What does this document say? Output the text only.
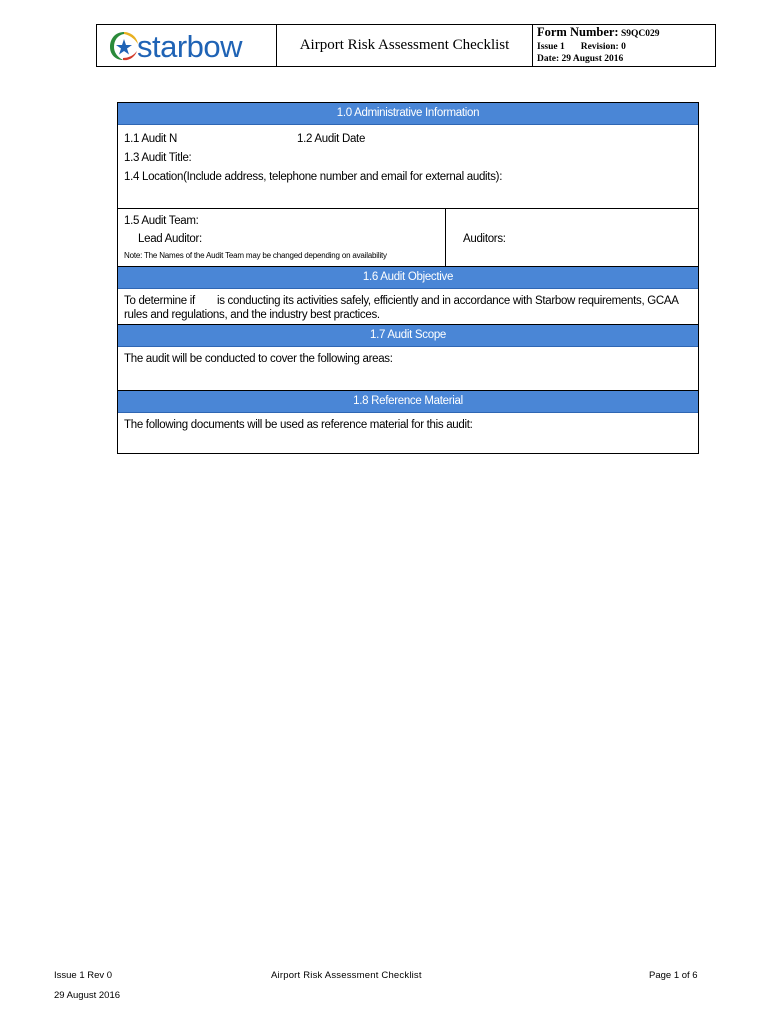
starbow	Airport Risk Assessment Checklist
Form Number: S9QC029
Issue 1 Revision: 0
Date: 29 August 2016
1.0 Administrative Information
1.1 Audit N	1.2 Audit Date
1.3 Audit Title:
1.4 Location(Include address, telephone number and email for external audits):
1.5 Audit Team:
Lead Auditor:
Note: The Names of the Audit Team may be changed depending on availability
Auditors:
1.6 Audit Objective
To determine if is conducting its activities safely, efficiently and in accordance with Starbow requirements, GCAA rules and regulations, and the industry best practices.
1.7 Audit Scope
The audit will be conducted to cover the following areas:
1.8 Reference Material
The following documents will be used as reference material for this audit:
Issue 1 Rev 0
29 August 2016
Airport Risk Assessment Checklist	Page 1 of 6
